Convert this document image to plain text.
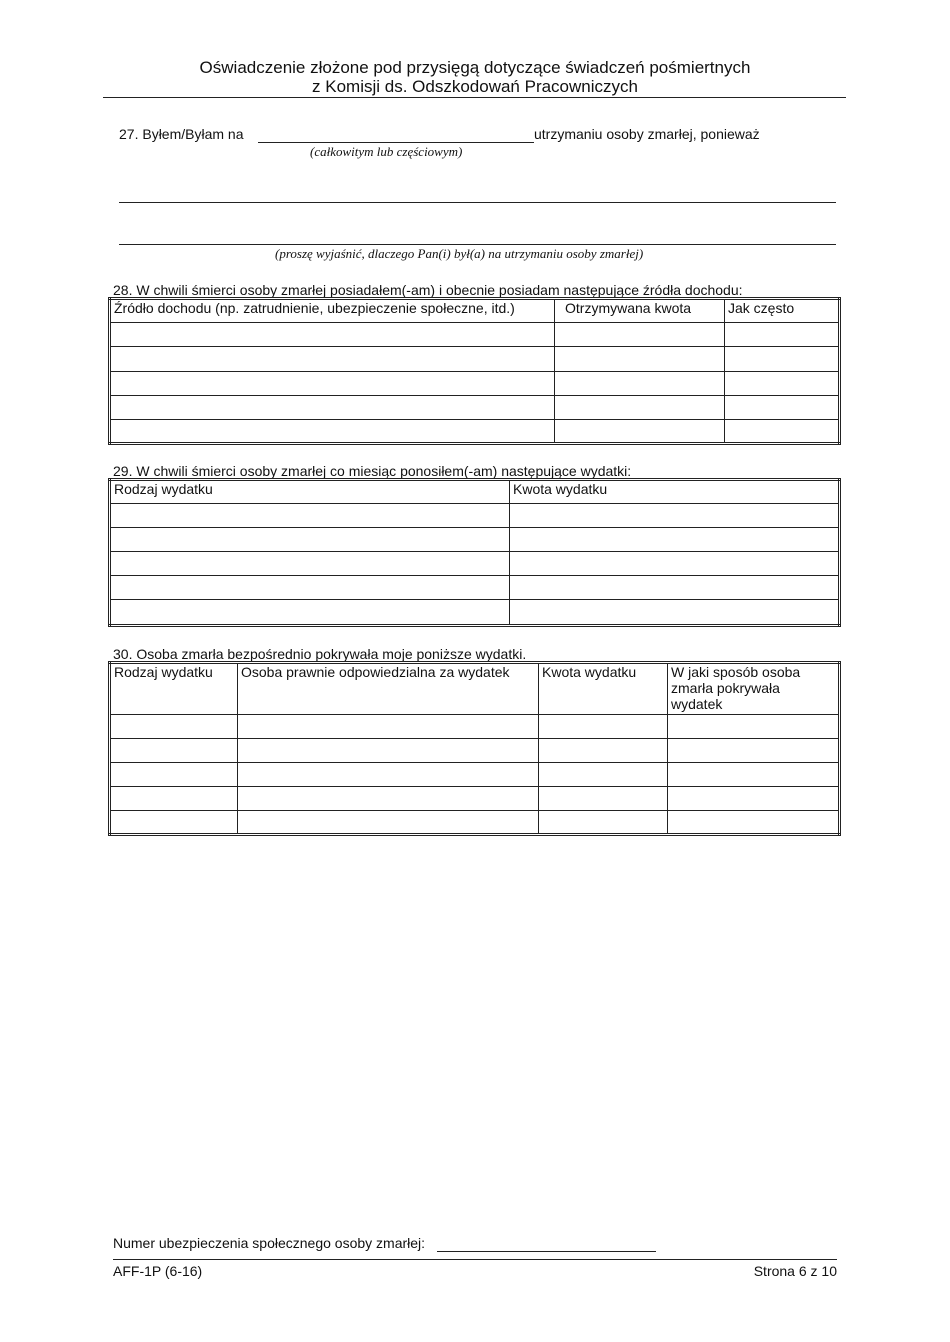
Oświadczenie złożone pod przysięgą dotyczące świadczeń pośmiertnych
z Komisji ds. Odszkodowań Pracowniczych
27. Byłem/Byłam na	utrzymaniu osoby zmarłej, ponieważ
(całkowitym lub częściowym)
(proszę wyjaśnić, dlaczego Pan(i) był(a) na utrzymaniu osoby zmarłej)
28. W chwili śmierci osoby zmarłej posiadałem(-am) i obecnie posiadam następujące źródła dochodu:
Źródło dochodu (np. zatrudnienie, ubezpieczenie społeczne, itd.)	Otrzymywana kwota	Jak często

29. W chwili śmierci osoby zmarłej co miesiąc ponosiłem(-am) następujące wydatki:
Rodzaj wydatku	Kwota wydatku

30. Osoba zmarła bezpośrednio pokrywała moje poniższe wydatki.
Rodzaj wydatku	Osoba prawnie odpowiedzialna za wydatek	Kwota wydatku	W jaki sposób osoba zmarła pokrywała wydatek

Numer ubezpieczenia społecznego osoby zmarłej:
AFF-1P (6-16)	Strona 6 z 10
